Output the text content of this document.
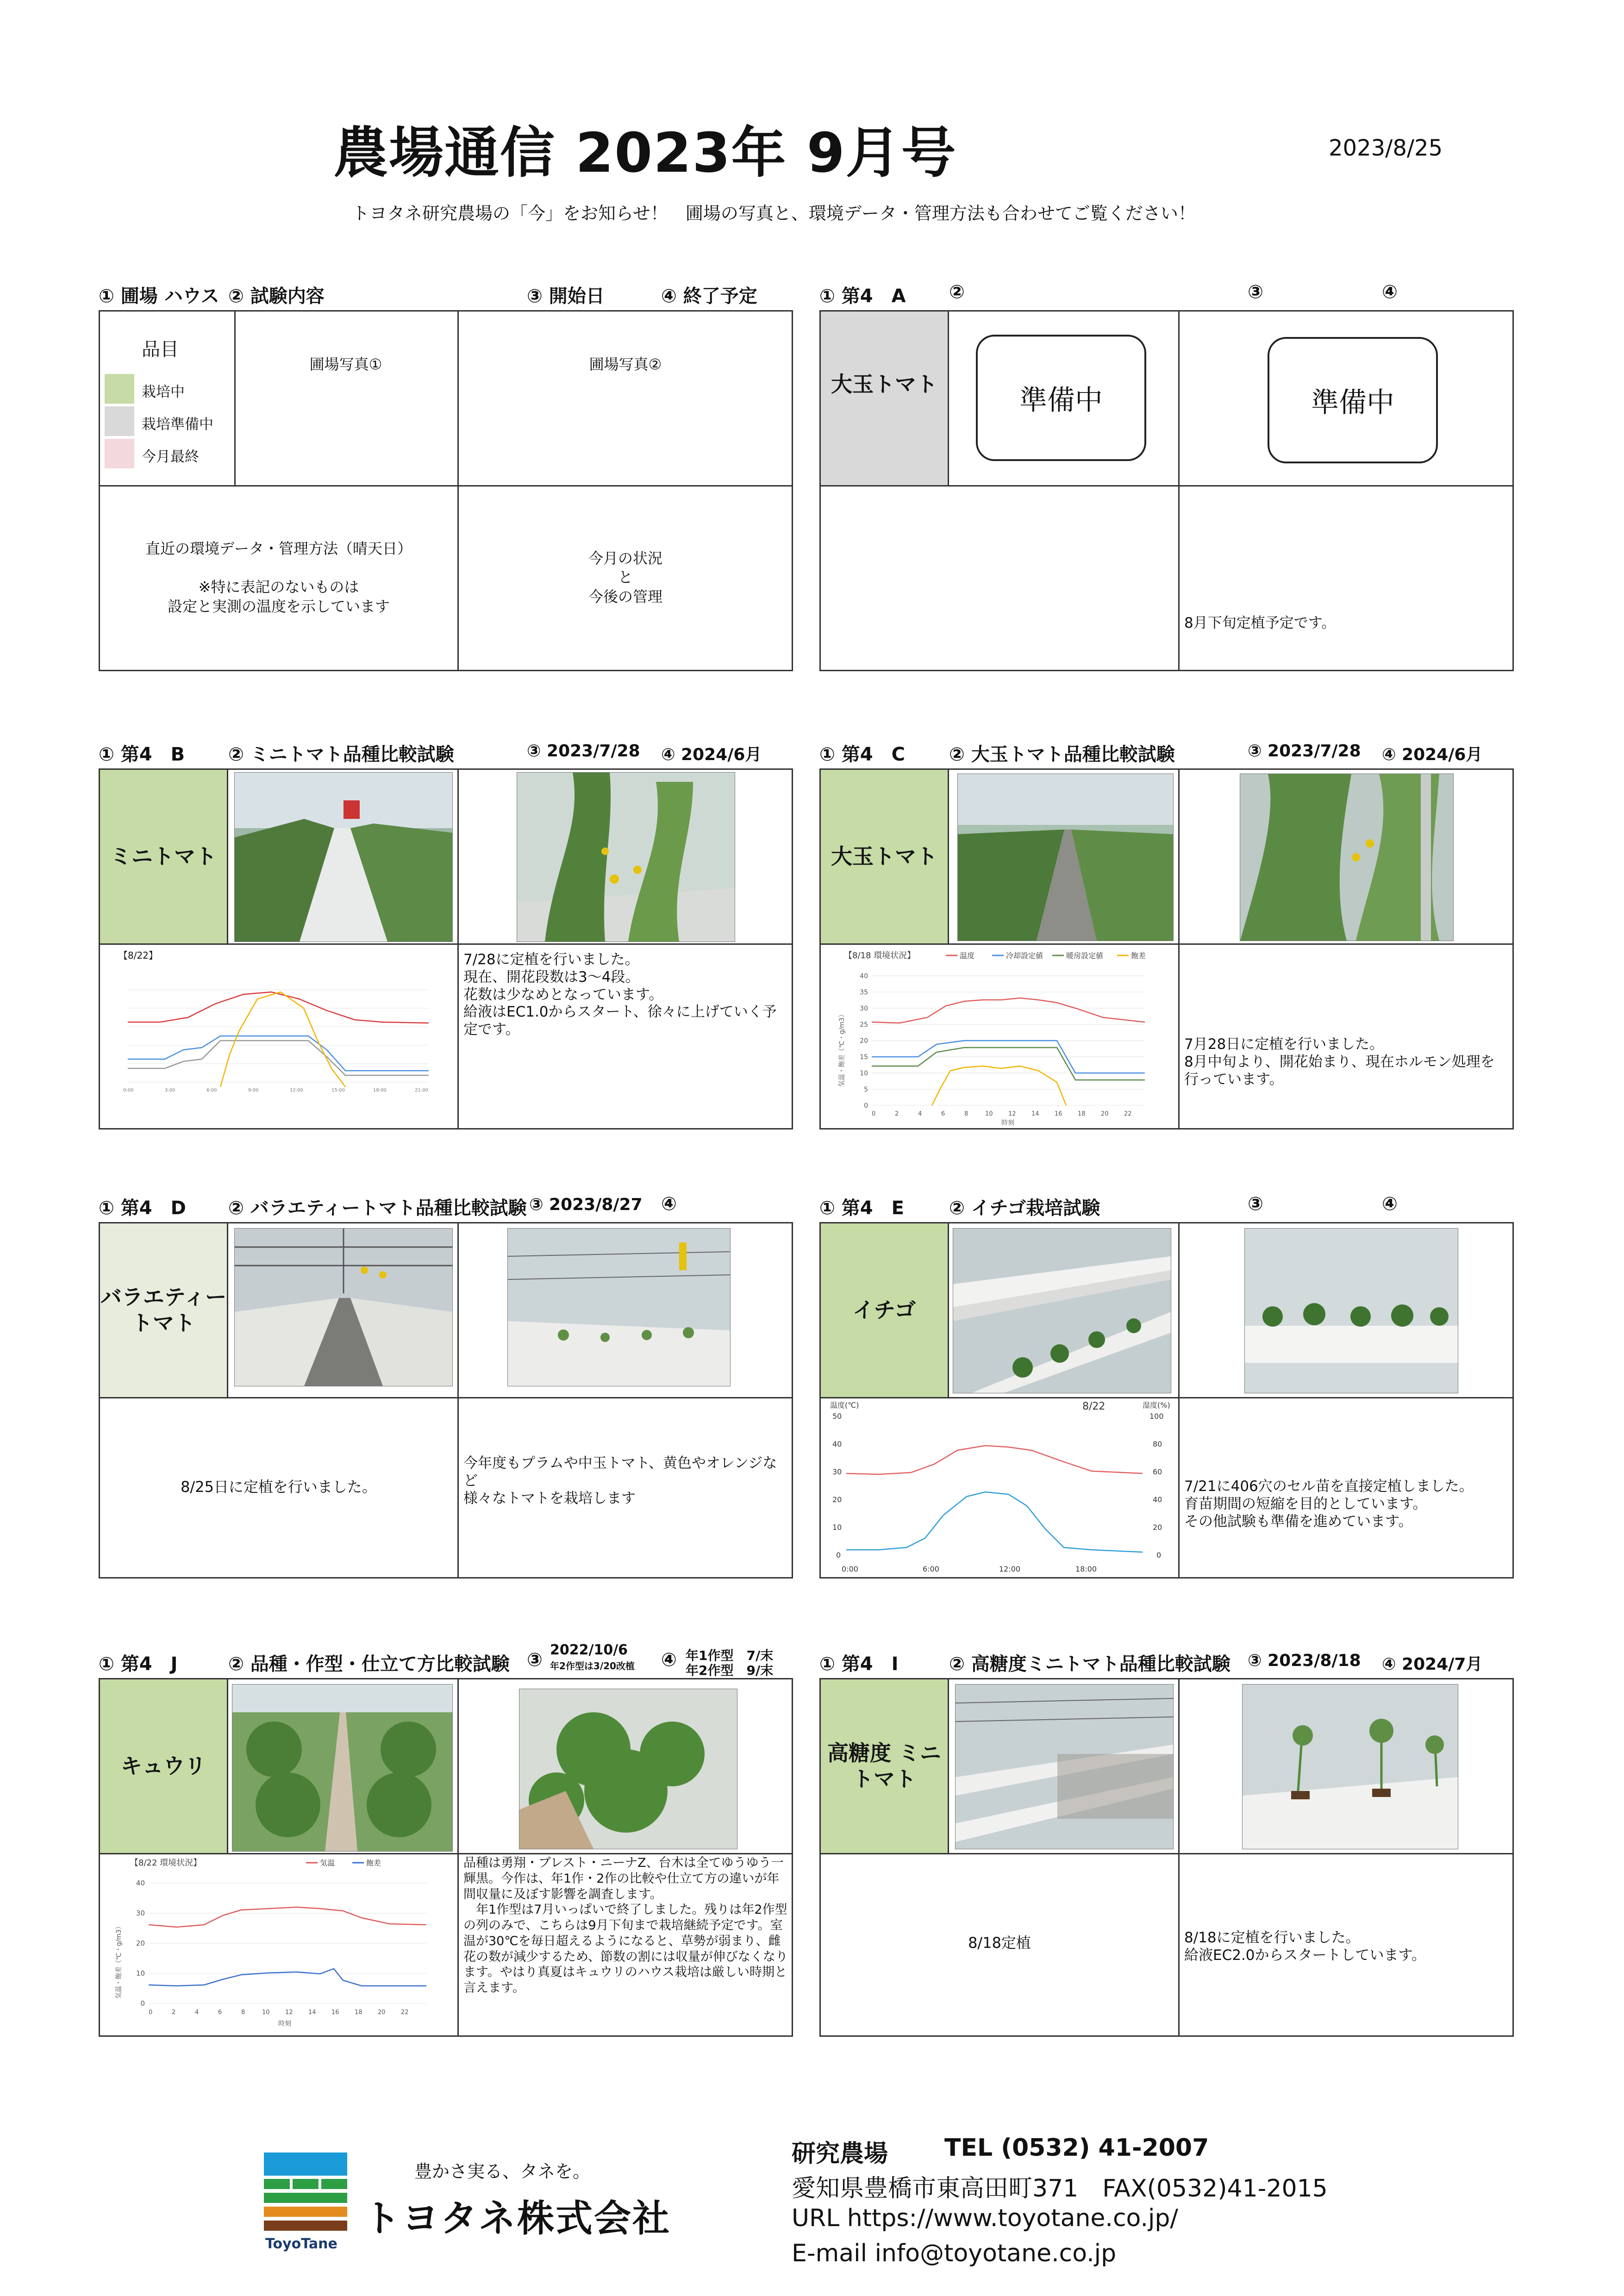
農場通信 2023年 9月号	2023/8/25
トヨタネ研究農場の「今」をお知らせ！　圃場の写真と、環境データ・管理方法も合わせてご覧ください！
① 圃場 ハウス ② 試験内容	③ 開始日	④ 終了予定
品目
栽培中
栽培準備中
今月最終
圃場写真①	圃場写真②
直近の環境データ・管理方法（晴天日）

※特に表記のないものは
設定と実測の温度を示しています
今月の状況
と
今後の管理
① 第4　A ②	③	④
大玉トマト	準備中	準備中
8月下旬定植予定です。
① 第4　B ② ミニトマト品種比較試験	③ 2023/7/28 ④ 2024/6月
ミニトマト
【8/22】
0:00	3:00	6:00	9:00	12:00	15:00	18:00	21:00
7/28に定植を行いました。
現在、開花段数は3～4段。
花数は少なめとなっています。
給液はEC1.0からスタート、徐々に上げていく予定です。
① 第4　C ② 大玉トマト品種比較試験	③ 2023/7/28 ④ 2024/6月
大玉トマト
【8/18 環境状況】	温度	冷却設定値	暖房設定値	飽差
40
35
30
25
20
15
10
5
0
気温・飽差（℃・g/m3）
0	2	4	6	8	10	12	14	16	18	20	22
時刻
7月28日に定植を行いました。
8月中旬より、開花始まり、現在ホルモン処理を
行っています。
① 第4　D ② バラエティートマト品種比較試験 ③ 2023/8/27 ④
バラエティー トマト
8/25日に定植を行いました。
今年度もプラムや中玉トマト、黄色やオレンジなど
様々なトマトを栽培します
① 第4　E ② イチゴ栽培試験	③	④
イチゴ
温度(℃)	湿度(%)
8/22
50
40
30
20
10
0
100
80
60
40
20
0
0:00	6:00	12:00	18:00
7/21に406穴のセル苗を直接定植しました。
育苗期間の短縮を目的としています。
その他試験も準備を進めています。
① 第4　J	② 品種・作型・仕立て方比較試験 ③ 2022/10/6
年2作型は3/20改植 ④ 年1作型　7/末
年2作型　9/末
キュウリ
【8/22 環境状況】	気温	飽差
40
30
20
10
0
気温・飽差（℃・g/m3）
0	2	4	6	8	10	12	14	16	18	20	22
時刻
品種は勇翔・ブレスト・ニーナZ、台木は全てゆうゆう一輝黒。今作は、年1作・2作の比較や仕立て方の違いが年間収量に及ぼす影響を調査します。
　年1作型は7月いっぱいで終了しました。残りは年2作型の列のみで、こちらは9月下旬まで栽培継続予定です。室温が30℃を毎日超えるようになると、草勢が弱まり、雌花の数が減少するため、節数の割には収量が伸びなくなります。やはり真夏はキュウリのハウス栽培は厳しい時期と言えます。
① 第4　I	② 高糖度ミニトマト品種比較試験 ③ 2023/8/18 ④ 2024/7月
高糖度 ミニトマト
8/18定植	8/18に定植を行いました。
給液EC2.0からスタートしています。
ToyoTane
豊かさ実る、タネを。
トヨタネ株式会社
研究農場 TEL (0532) 41-2007
愛知県豊橋市東高田町371　FAX(0532)41-2015
URL https://www.toyotane.co.jp/
E-mail info@toyotane.co.jp
